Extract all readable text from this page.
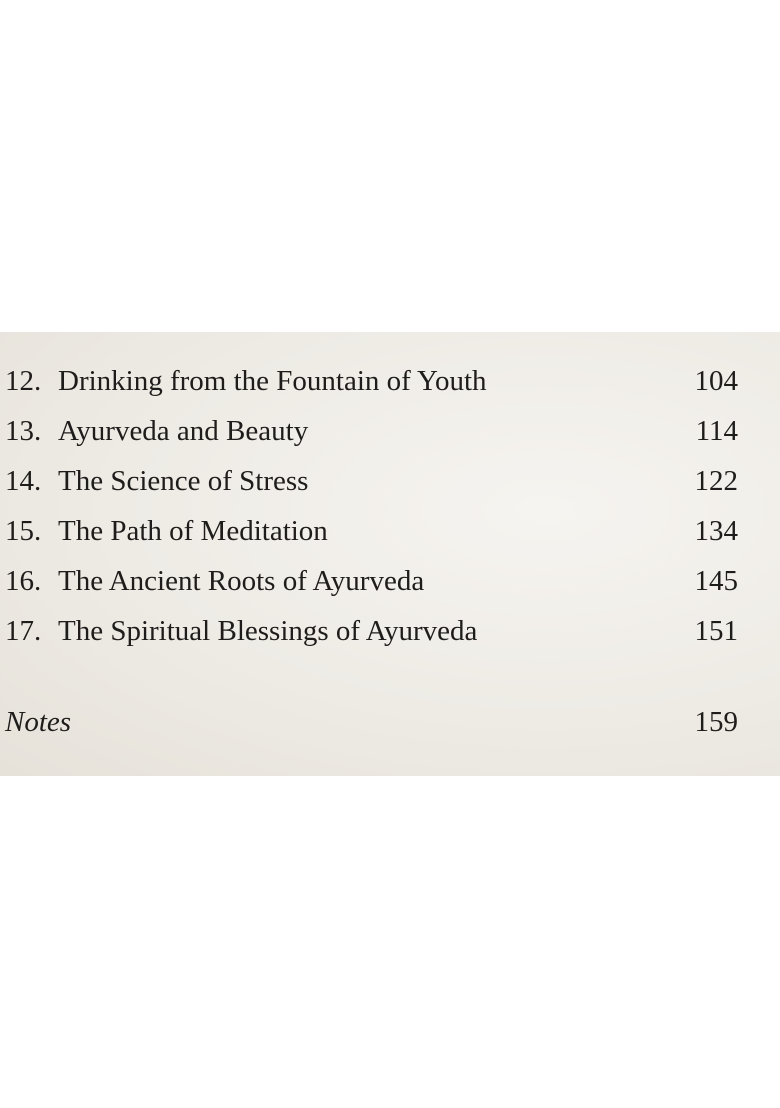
12. Drinking from the Fountain of Youth	104
13. Ayurveda and Beauty	114
14. The Science of Stress	122
15. The Path of Meditation	134
16. The Ancient Roots of Ayurveda	145
17. The Spiritual Blessings of Ayurveda	151
Notes	159
